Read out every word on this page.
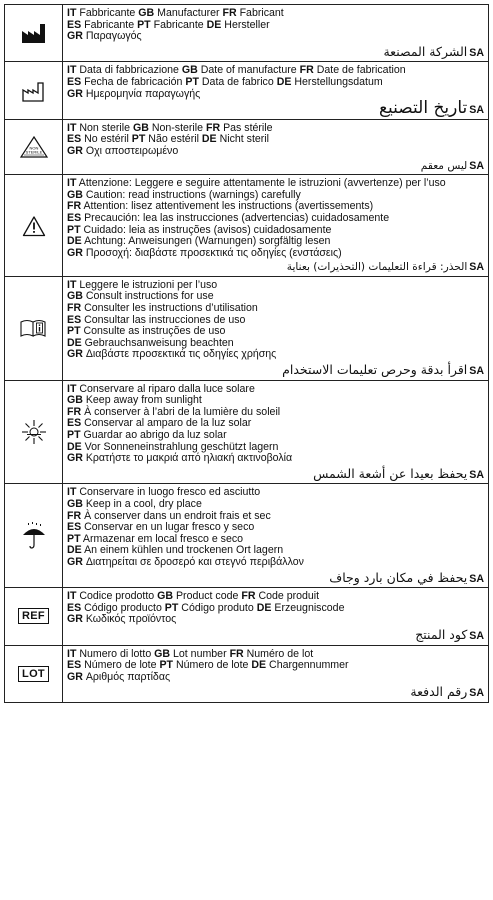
IT Fabbricante GB Manufacturer FR Fabricant

ES Fabricante PT Fabricante DE Hersteller

GR Παραγωγός

الشركة المصنعة SA

IT Data di fabbricazione GB Date of manufacture FR Date de fabrication

ES Fecha de fabricación PT Data de fabrico DE Herstellungsdatum

GR Ημερομηνία παραγωγής

تاريخ التصنيع SA
NON STERILE

IT Non sterile GB Non-sterile FR Pas stérile

ES No estéril PT Não estéril DE Nicht steril

GR Οχι αποστειρωμένο

ليس معقم SA

IT Attenzione: Leggere e seguire attentamente le istruzioni (avvertenze) per l’uso

GB Caution: read instructions (warnings) carefully

FR Attention: lisez attentivement les instructions (avertissements)

ES Precaución: lea las instrucciones (advertencias) cuidadosamente

PT Cuidado: leia as instruções (avisos) cuidadosamente

DE Achtung: Anweisungen (Warnungen) sorgfältig lesen

GR Προσοχή: διαβάστε προσεκτικά τις οδηγίες (ενστάσεις)

الحذر: قراءة التعليمات (التحذيرات) بعناية SA

IT Leggere le istruzioni per l’uso

GB Consult instructions for use

FR Consulter les instructions d’utilisation

ES Consultar las instrucciones de uso

PT Consulte as instruções de uso

DE Gebrauchsanweisung beachten

GR Διαβάστε προσεκτικά τις οδηγίες χρήσης

اقرأ بدقة وحرص تعليمات الاستخدام SA

IT Conservare al riparo dalla luce solare

GB Keep away from sunlight

FR À conserver à l’abri de la lumière du soleil

ES Conservar al amparo de la luz solar

PT Guardar ao abrigo da luz solar

DE Vor Sonneneinstrahlung geschützt lagern

GR Κρατήστε το μακριά από ηλιακή ακτινοβολία

يحفظ بعيدا عن أشعة الشمس SA

IT Conservare in luogo fresco ed asciutto

GB Keep in a cool, dry place

FR À conserver dans un endroit frais et sec

ES Conservar en un lugar fresco y seco

PT Armazenar em local fresco e seco

DE An einem kühlen und trockenen Ort lagern

GR Διατηρείται σε δροσερό και στεγνό περιβάλλον

يحفظ في مكان بارد وجاف SA
REF

IT Codice prodotto GB Product code FR Code produit

ES Código producto PT Código produto DE Erzeugniscode

GR Κωδικός προϊόντος

كود المنتج SA
LOT

IT Numero di lotto GB Lot number FR Numéro de lot

ES Número de lote PT Número de lote DE Chargennummer

GR Αριθμός παρτίδας

رقم الدفعة SA
